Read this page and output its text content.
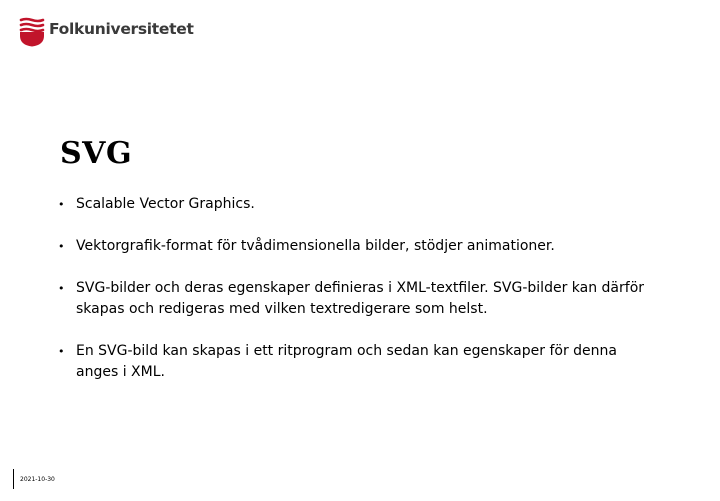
Folkuniversitetet
SVG
• Scalable Vector Graphics.
• Vektorgrafik-format för tvådimensionella bilder, stödjer animationer.
• SVG-bilder och deras egenskaper definieras i XML-textfiler. SVG-bilder kan därför skapas och redigeras med vilken textredigerare som helst.
• En SVG-bild kan skapas i ett ritprogram och sedan kan egenskaper för denna anges i XML.
2021-10-30
